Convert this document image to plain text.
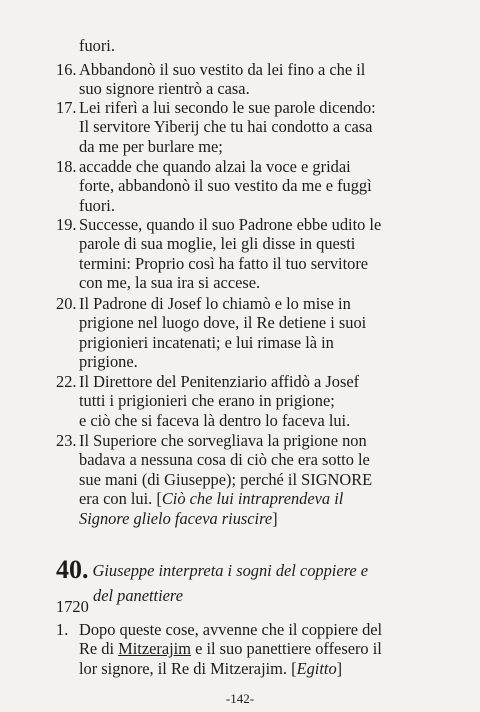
fuori.
16. Abbandonò il suo vestito da lei fino a che il
suo signore rientrò a casa.
17. Lei riferì a lui secondo le sue parole dicendo:
Il servitore Yiberij che tu hai condotto a casa
da me per burlare me;
18. accadde che quando alzai la voce e gridai
forte, abbandonò il suo vestito da me e fuggì
fuori.
19. Successe, quando il suo Padrone ebbe udito le
parole di sua moglie, lei gli disse in questi
termini: Proprio così ha fatto il tuo servitore
con me, la sua ira si accese.
20. Il Padrone di Josef lo chiamò e lo mise in
prigione nel luogo dove, il Re detiene i suoi
prigionieri incatenati; e lui rimase là in
prigione.
22. Il Direttore del Penitenziario affidò a Josef
tutti i prigionieri che erano in prigione;
e ciò che si faceva là dentro lo faceva lui.
23. Il Superiore che sorvegliava la prigione non
badava a nessuna cosa di ciò che era sotto le
sue mani (di Giuseppe); perché il SIGNORE
era con lui. [Ciò che lui intraprendeva il
Signore glielo faceva riuscire]
40. Giuseppe interpreta i sogni del coppiere e
del panettiere
1720
1. Dopo queste cose, avvenne che il coppiere del
Re di Mitzerajim e il suo panettiere offesero il
lor signore, il Re di Mitzerajim. [Egitto]
-142-
